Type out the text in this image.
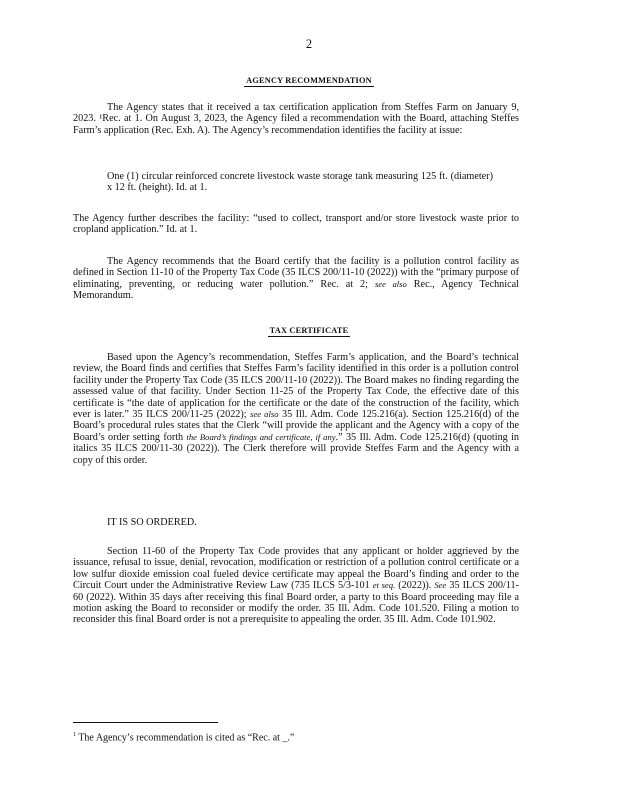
2
AGENCY RECOMMENDATION

The Agency states that it received a tax certification application from Steffes Farm on January 9, 2023. ¹Rec. at 1. On August 3, 2023, the Agency filed a recommendation with the Board, attaching Steffes Farm’s application (Rec. Exh. A). The Agency’s recommendation identifies the facility at issue:

One (1) circular reinforced concrete livestock waste storage tank measuring 125 ft. (diameter) x 12 ft. (height). Id. at 1.

The Agency further describes the facility: “used to collect, transport and/or store livestock waste prior to cropland application.” Id. at 1.

The Agency recommends that the Board certify that the facility is a pollution control facility as defined in Section 11-10 of the Property Tax Code (35 ILCS 200/11-10 (2022)) with the “primary purpose of eliminating, preventing, or reducing water pollution.” Rec. at 2; see also Rec., Agency Technical Memorandum.

TAX CERTIFICATE

Based upon the Agency’s recommendation, Steffes Farm’s application, and the Board’s technical review, the Board finds and certifies that Steffes Farm’s facility identified in this order is a pollution control facility under the Property Tax Code (35 ILCS 200/11-10 (2022)). The Board makes no finding regarding the assessed value of that facility. Under Section 11-25 of the Property Tax Code, the effective date of this certificate is “the date of application for the certificate or the date of the construction of the facility, which ever is later.” 35 ILCS 200/11-25 (2022); see also 35 Ill. Adm. Code 125.216(a). Section 125.216(d) of the Board’s procedural rules states that the Clerk “will provide the applicant and the Agency with a copy of the Board’s order setting forth the Board’s findings and certificate, if any.” 35 Ill. Adm. Code 125.216(d) (quoting in italics 35 ILCS 200/11-30 (2022)). The Clerk therefore will provide Steffes Farm and the Agency with a copy of this order.

IT IS SO ORDERED.

Section 11-60 of the Property Tax Code provides that any applicant or holder aggrieved by the issuance, refusal to issue, denial, revocation, modification or restriction of a pollution control certificate or a low sulfur dioxide emission coal fueled device certificate may appeal the Board’s finding and order to the Circuit Court under the Administrative Review Law (735 ILCS 5/3-101 et seq. (2022)). See 35 ILCS 200/11-60 (2022). Within 35 days after receiving this final Board order, a party to this Board proceeding may file a motion asking the Board to reconsider or modify the order. 35 Ill. Adm. Code 101.520. Filing a motion to reconsider this final Board order is not a prerequisite to appealing the order. 35 Ill. Adm. Code 101.902.

$^1$ The Agency’s recommendation is cited as “Rec. at _.”
